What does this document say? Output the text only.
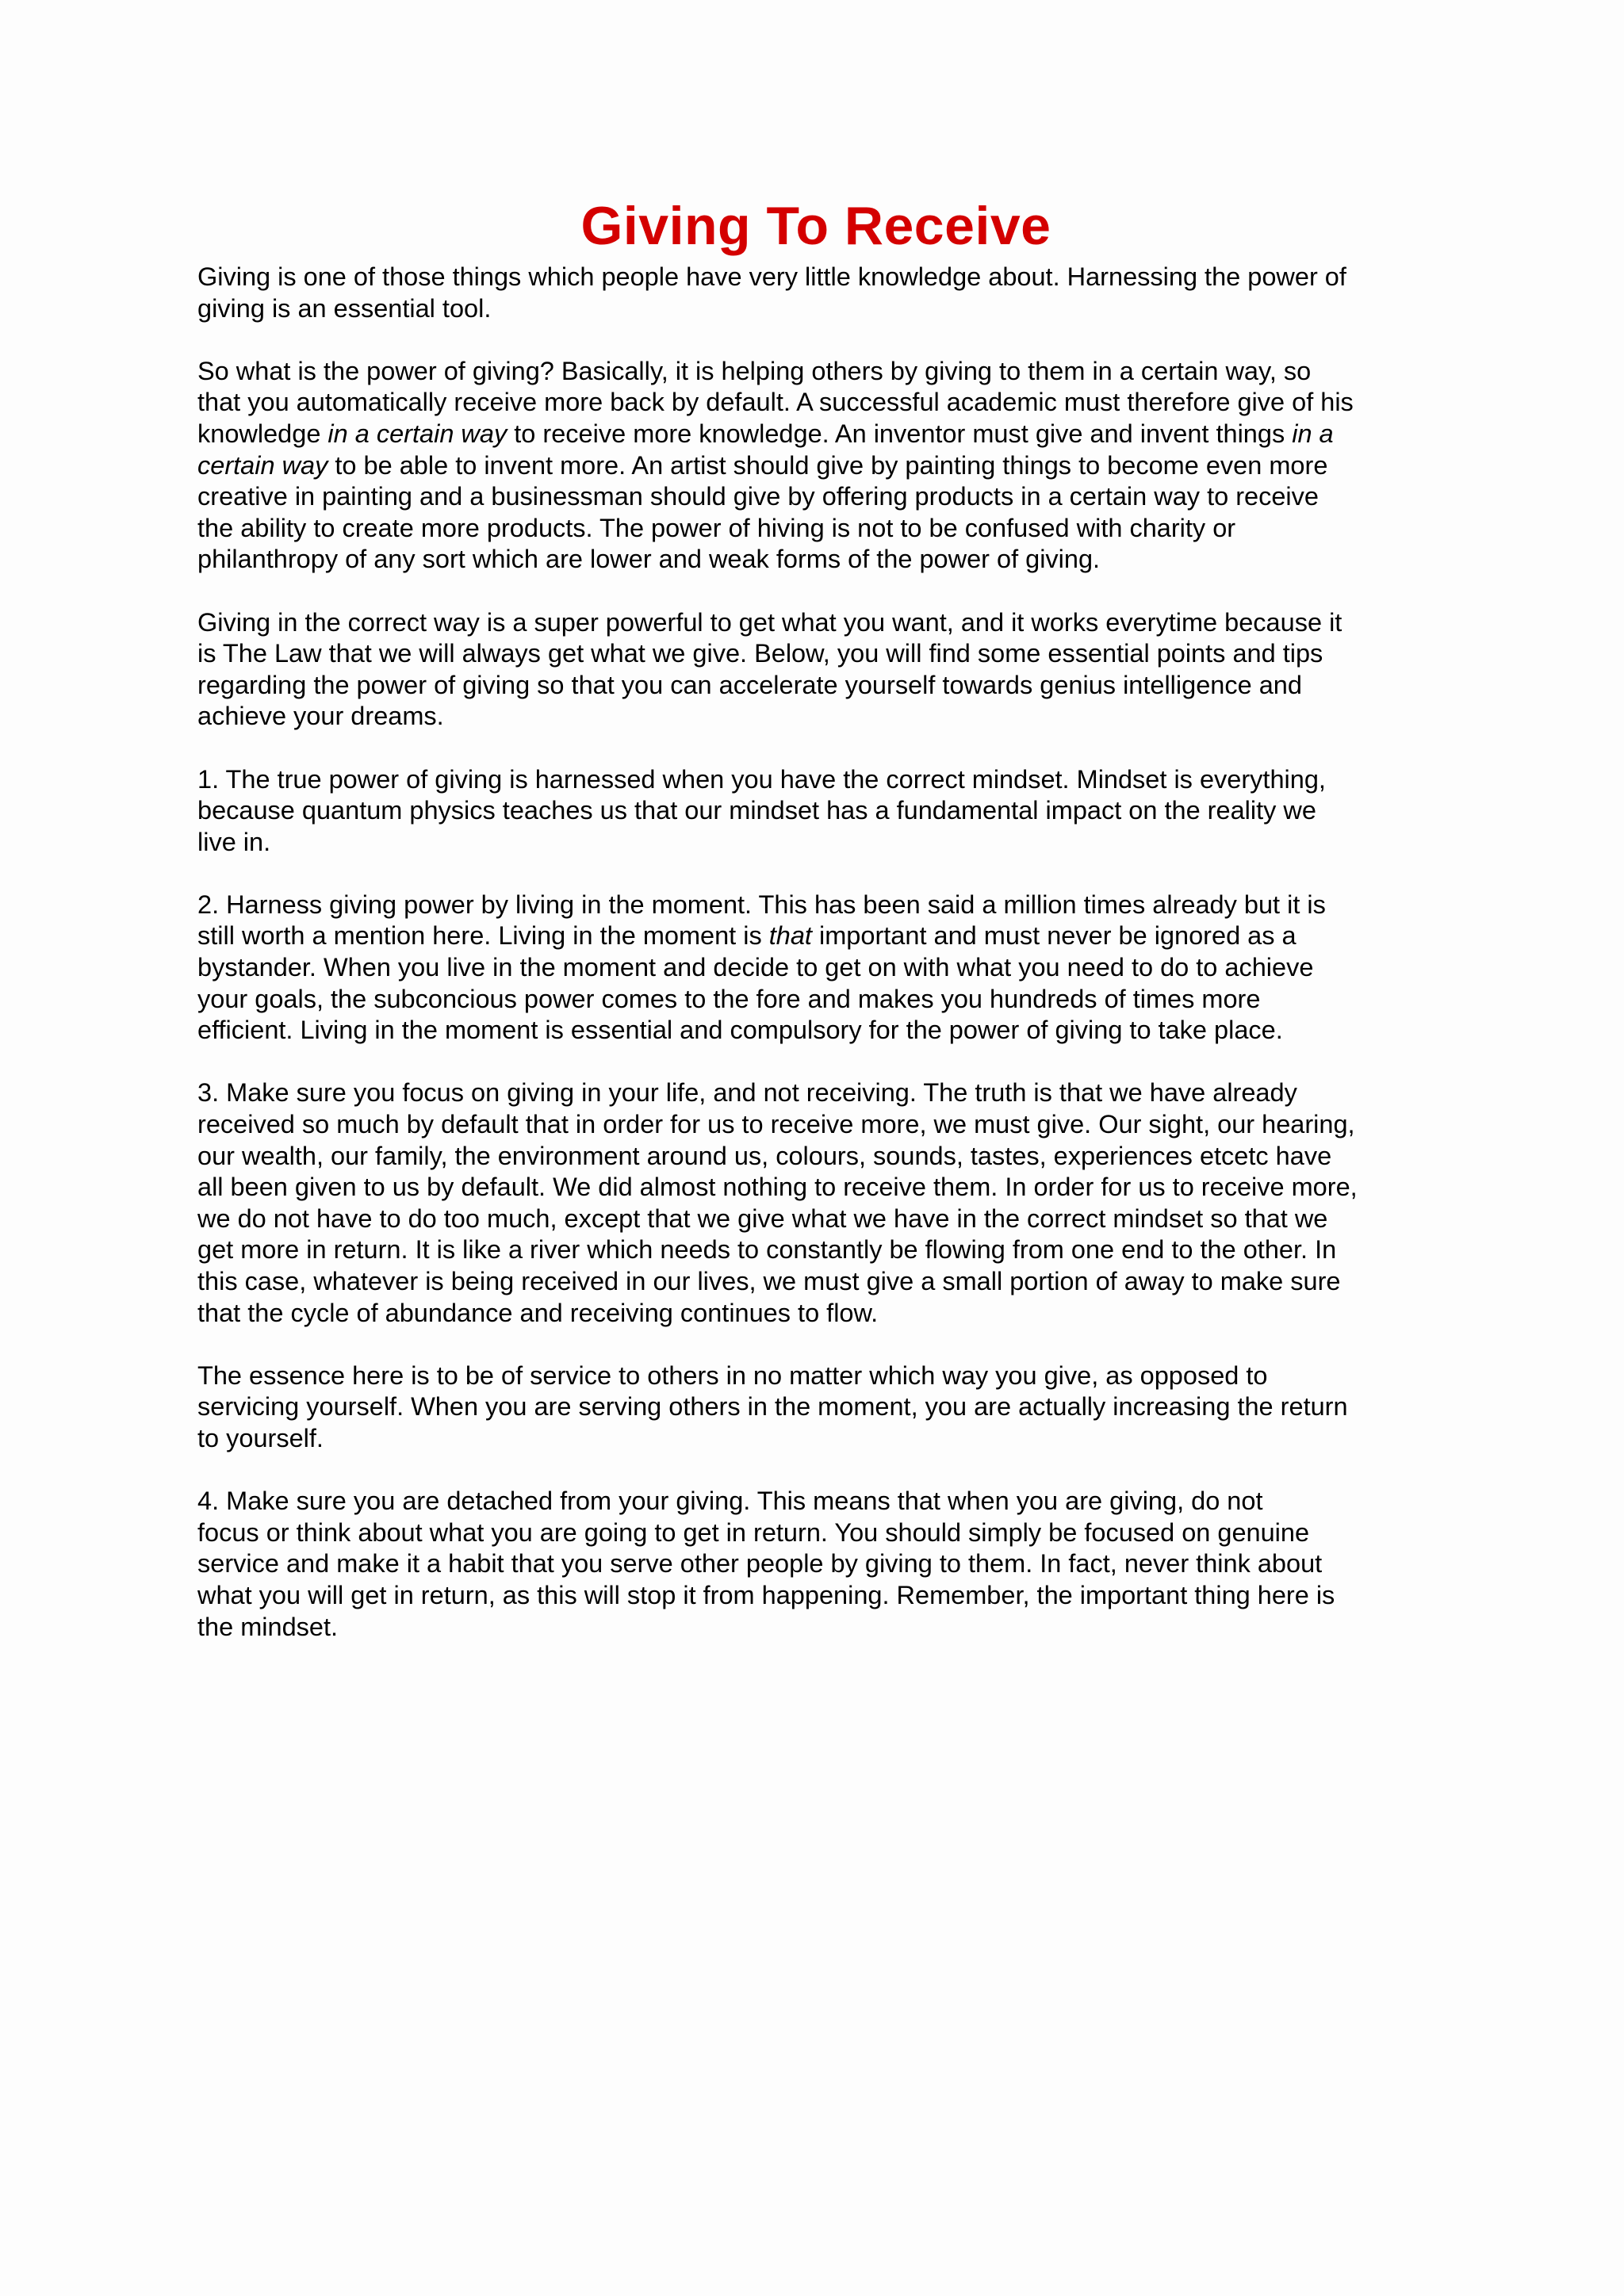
Giving To Receive

Giving is one of those things which people have very little knowledge about. Harnessing the power of
giving is an essential tool.

So what is the power of giving? Basically, it is helping others by giving to them in a certain way, so
that you automatically receive more back by default. A successful academic must therefore give of his
knowledge in a certain way to receive more knowledge. An inventor must give and invent things in a
certain way to be able to invent more. An artist should give by painting things to become even more
creative in painting and a businessman should give by offering products in a certain way to receive
the ability to create more products. The power of hiving is not to be confused with charity or
philanthropy of any sort which are lower and weak forms of the power of giving.

Giving in the correct way is a super powerful to get what you want, and it works everytime because it
is The Law that we will always get what we give. Below, you will find some essential points and tips
regarding the power of giving so that you can accelerate yourself towards genius intelligence and
achieve your dreams.

1. The true power of giving is harnessed when you have the correct mindset. Mindset is everything,
because quantum physics teaches us that our mindset has a fundamental impact on the reality we
live in.

2. Harness giving power by living in the moment. This has been said a million times already but it is
still worth a mention here. Living in the moment is that important and must never be ignored as a
bystander. When you live in the moment and decide to get on with what you need to do to achieve
your goals, the subconcious power comes to the fore and makes you hundreds of times more
efficient. Living in the moment is essential and compulsory for the power of giving to take place.

3. Make sure you focus on giving in your life, and not receiving. The truth is that we have already
received so much by default that in order for us to receive more, we must give. Our sight, our hearing,
our wealth, our family, the environment around us, colours, sounds, tastes, experiences etcetc have
all been given to us by default. We did almost nothing to receive them. In order for us to receive more,
we do not have to do too much, except that we give what we have in the correct mindset so that we
get more in return. It is like a river which needs to constantly be flowing from one end to the other. In
this case, whatever is being received in our lives, we must give a small portion of away to make sure
that the cycle of abundance and receiving continues to flow.

The essence here is to be of service to others in no matter which way you give, as opposed to
servicing yourself. When you are serving others in the moment, you are actually increasing the return
to yourself.

4. Make sure you are detached from your giving. This means that when you are giving, do not
focus or think about what you are going to get in return. You should simply be focused on genuine
service and make it a habit that you serve other people by giving to them. In fact, never think about
what you will get in return, as this will stop it from happening. Remember, the important thing here is
the mindset.
